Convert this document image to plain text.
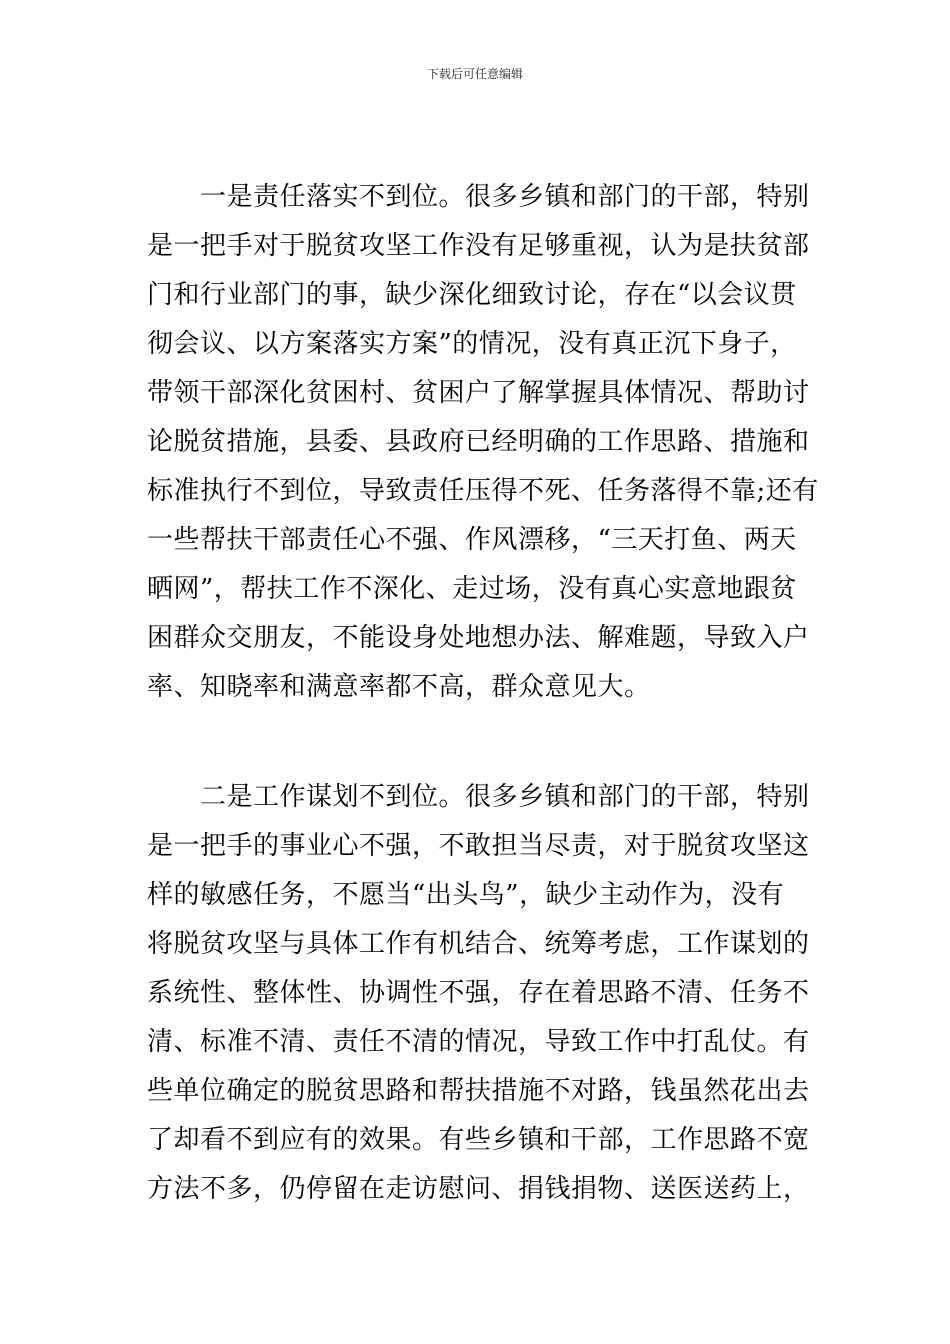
下载后可任意编辑
一是责任落实不到位。很多乡镇和部门的干部，特别
是一把手对于脱贫攻坚工作没有足够重视，认为是扶贫部
门和行业部门的事，缺少深化细致讨论，存在“以会议贯
彻会议、以方案落实方案”的情况，没有真正沉下身子，
带领干部深化贫困村、贫困户了解掌握具体情况、帮助讨
论脱贫措施，县委、县政府已经明确的工作思路、措施和
标准执行不到位，导致责任压得不死、任务落得不靠;还有
一些帮扶干部责任心不强、作风漂移，“三天打鱼、两天
晒网”，帮扶工作不深化、走过场，没有真心实意地跟贫
困群众交朋友，不能设身处地想办法、解难题，导致入户
率、知晓率和满意率都不高，群众意见大。
二是工作谋划不到位。很多乡镇和部门的干部，特别
是一把手的事业心不强，不敢担当尽责，对于脱贫攻坚这
样的敏感任务，不愿当“出头鸟”，缺少主动作为，没有
将脱贫攻坚与具体工作有机结合、统筹考虑，工作谋划的
系统性、整体性、协调性不强，存在着思路不清、任务不
清、标准不清、责任不清的情况，导致工作中打乱仗。有
些单位确定的脱贫思路和帮扶措施不对路，钱虽然花出去
了却看不到应有的效果。有些乡镇和干部，工作思路不宽
方法不多，仍停留在走访慰问、捐钱捐物、送医送药上，
